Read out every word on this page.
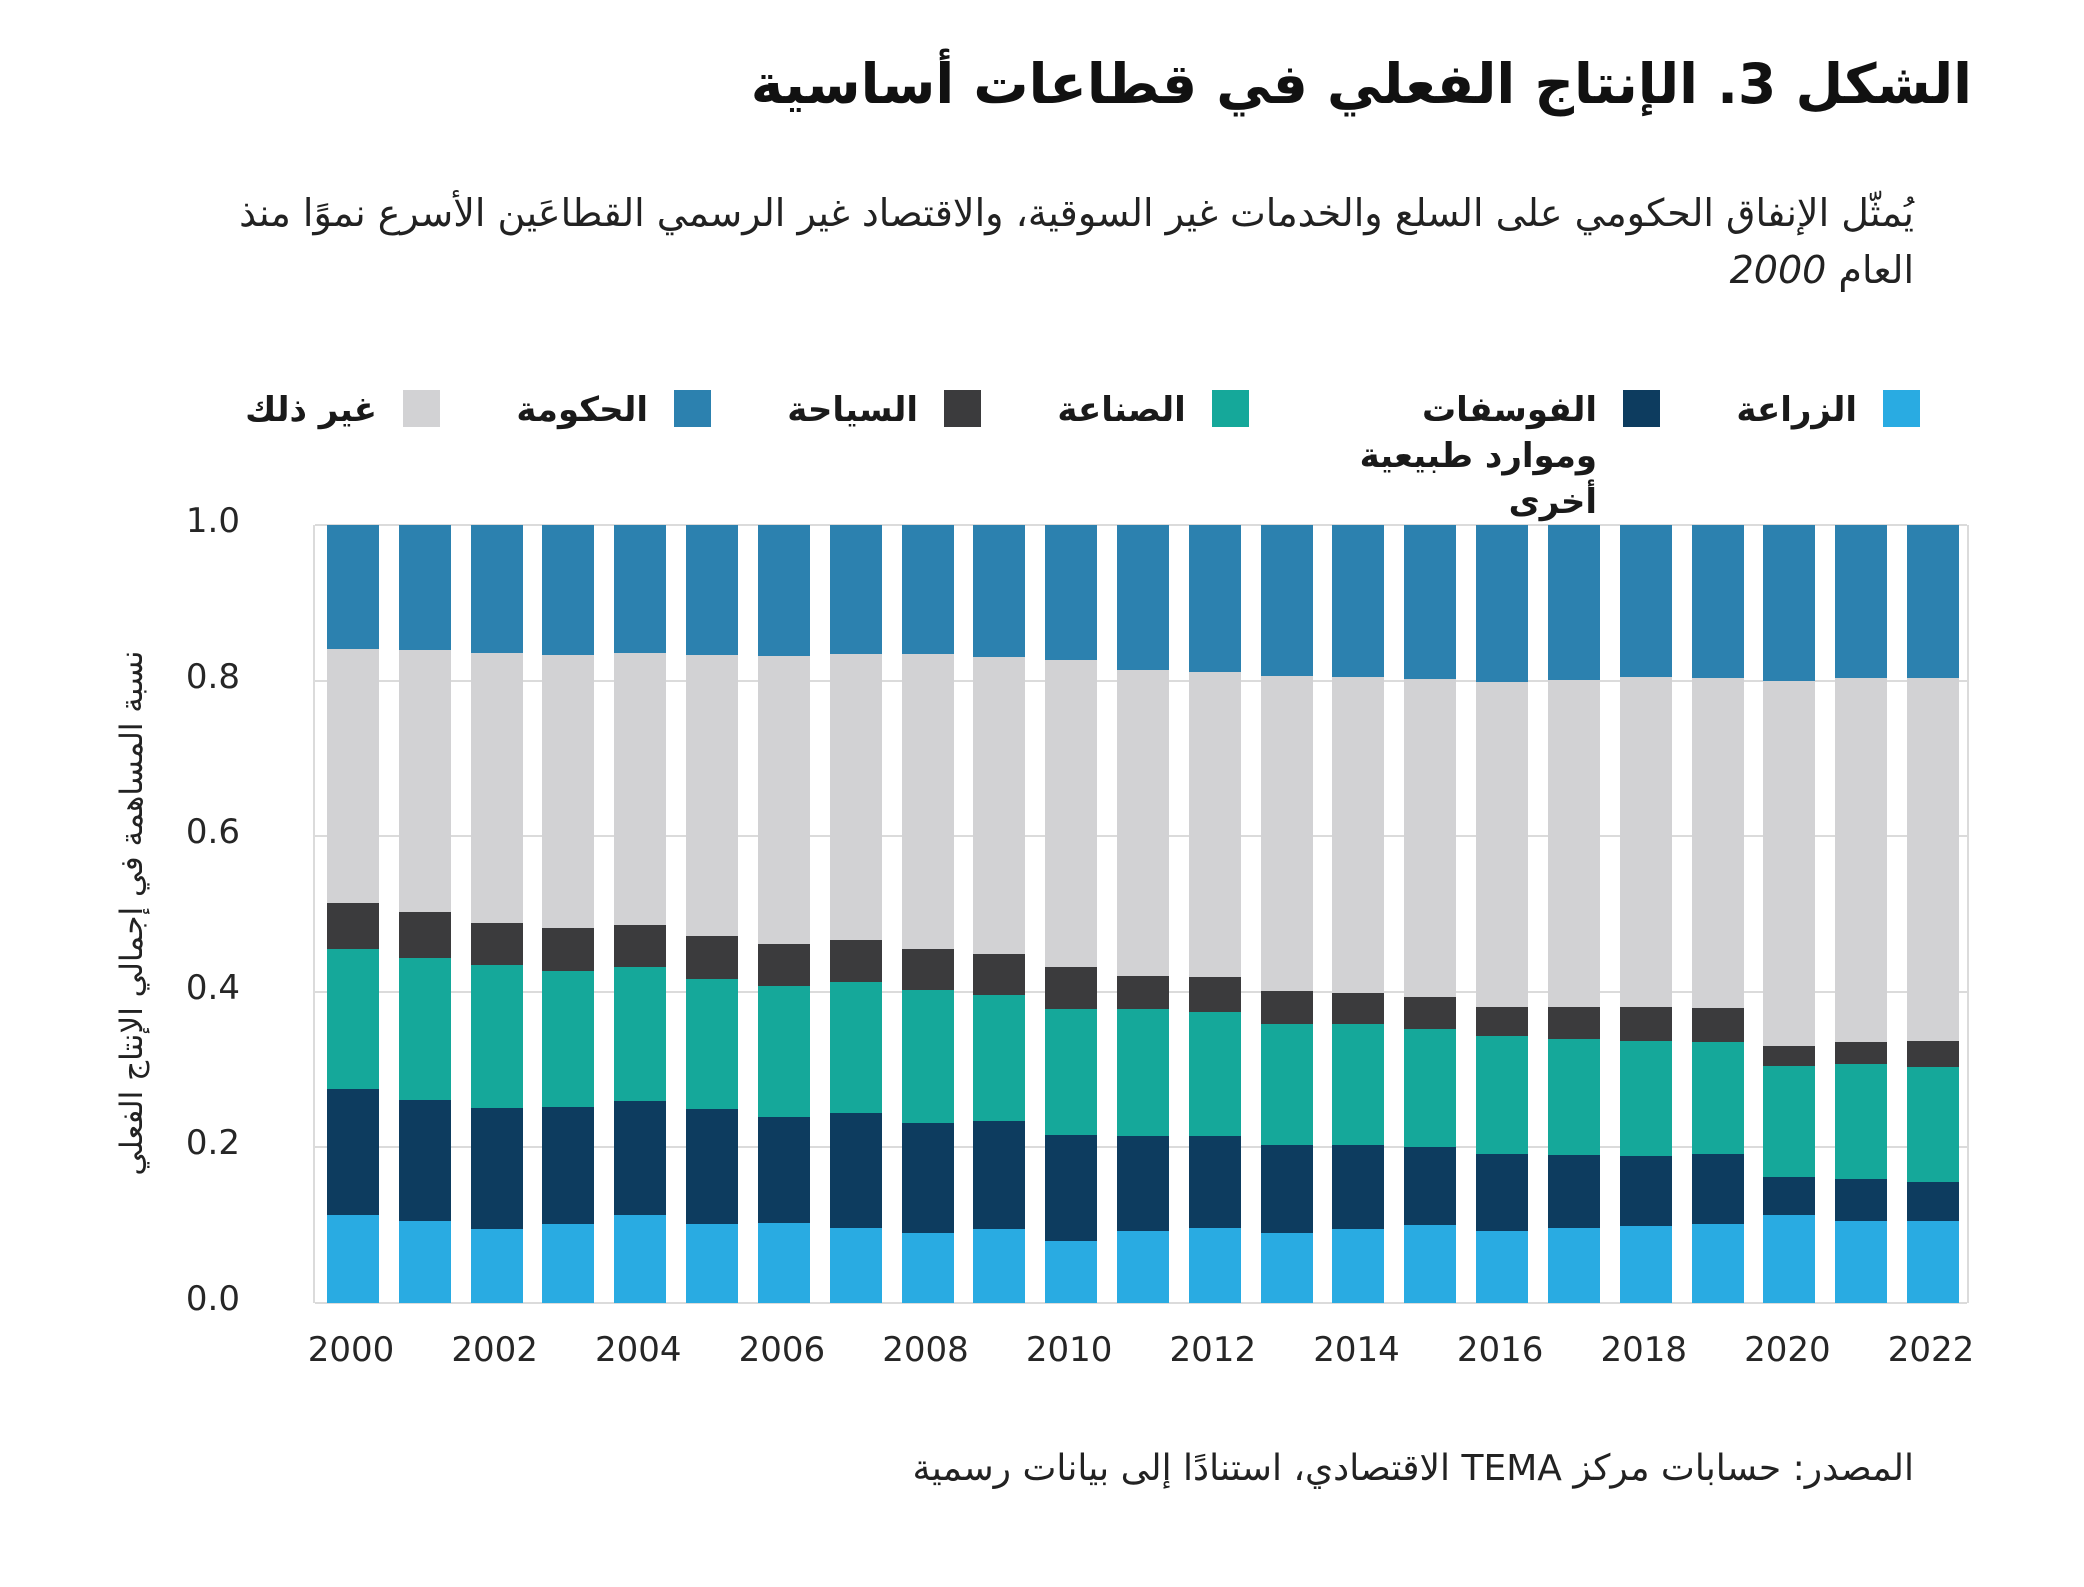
الشكل 3. الإنتاج الفعلي في قطاعات أساسية
يُمثّل الإنفاق الحكومي على السلع والخدمات غير السوقية، والاقتصاد غير الرسمي القطاعَين الأسرع نموًا منذ العام 2000
الزراعة
الفوسفات وموارد طبيعية أخرى
الصناعة
السياحة
الحكومة
غير ذلك
نسبة المساهمة في إجمالي الإنتاج الفعلي
المصدر: حسابات مركز TEMA الاقتصادي، استنادًا إلى بيانات رسمية
1.0
0.8
0.6
0.4
0.2
0.0
2000	2002	2004	2006	2008	2010	2012	2014	2016	2018	2020	2022
